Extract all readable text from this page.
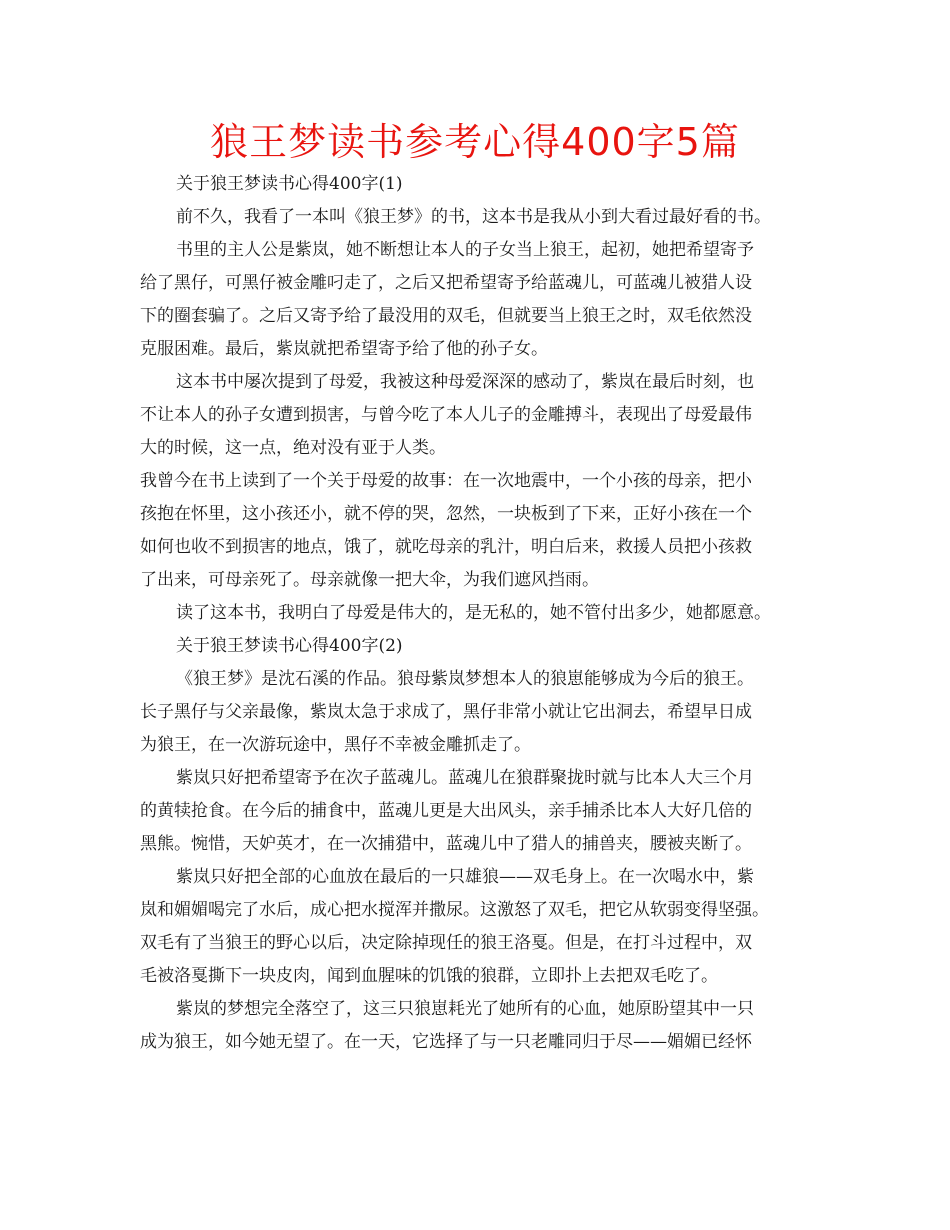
狼王梦读书参考心得400字5篇
关于狼王梦读书心得400字(1)
前不久，我看了一本叫《狼王梦》的书，这本书是我从小到大看过最好看的书。
书里的主人公是紫岚，她不断想让本人的子女当上狼王，起初，她把希望寄予
给了黑仔，可黑仔被金雕叼走了，之后又把希望寄予给蓝魂儿，可蓝魂儿被猎人设
下的圈套骗了。之后又寄予给了最没用的双毛，但就要当上狼王之时，双毛依然没
克服困难。最后，紫岚就把希望寄予给了他的孙子女。
这本书中屡次提到了母爱，我被这种母爱深深的感动了，紫岚在最后时刻，也
不让本人的孙子女遭到损害，与曾今吃了本人儿子的金雕搏斗，表现出了母爱最伟
大的时候，这一点，绝对没有亚于人类。
我曾今在书上读到了一个关于母爱的故事：在一次地震中，一个小孩的母亲，把小
孩抱在怀里，这小孩还小，就不停的哭，忽然，一块板到了下来，正好小孩在一个
如何也收不到损害的地点，饿了，就吃母亲的乳汁，明白后来，救援人员把小孩救
了出来，可母亲死了。母亲就像一把大伞，为我们遮风挡雨。
读了这本书，我明白了母爱是伟大的，是无私的，她不管付出多少，她都愿意。
关于狼王梦读书心得400字(2)
《狼王梦》是沈石溪的作品。狼母紫岚梦想本人的狼崽能够成为今后的狼王。
长子黑仔与父亲最像，紫岚太急于求成了，黑仔非常小就让它出洞去，希望早日成
为狼王，在一次游玩途中，黑仔不幸被金雕抓走了。
紫岚只好把希望寄予在次子蓝魂儿。蓝魂儿在狼群聚拢时就与比本人大三个月
的黄犊抢食。在今后的捕食中，蓝魂儿更是大出风头，亲手捕杀比本人大好几倍的
黑熊。惋惜，天妒英才，在一次捕猎中，蓝魂儿中了猎人的捕兽夹，腰被夹断了。
紫岚只好把全部的心血放在最后的一只雄狼——双毛身上。在一次喝水中，紫
岚和媚媚喝完了水后，成心把水搅浑并撒尿。这激怒了双毛，把它从软弱变得坚强。
双毛有了当狼王的野心以后，决定除掉现任的狼王洛戛。但是，在打斗过程中，双
毛被洛戛撕下一块皮肉，闻到血腥味的饥饿的狼群，立即扑上去把双毛吃了。
紫岚的梦想完全落空了，这三只狼崽耗光了她所有的心血，她原盼望其中一只
成为狼王，如今她无望了。在一天，它选择了与一只老雕同归于尽——媚媚已经怀
